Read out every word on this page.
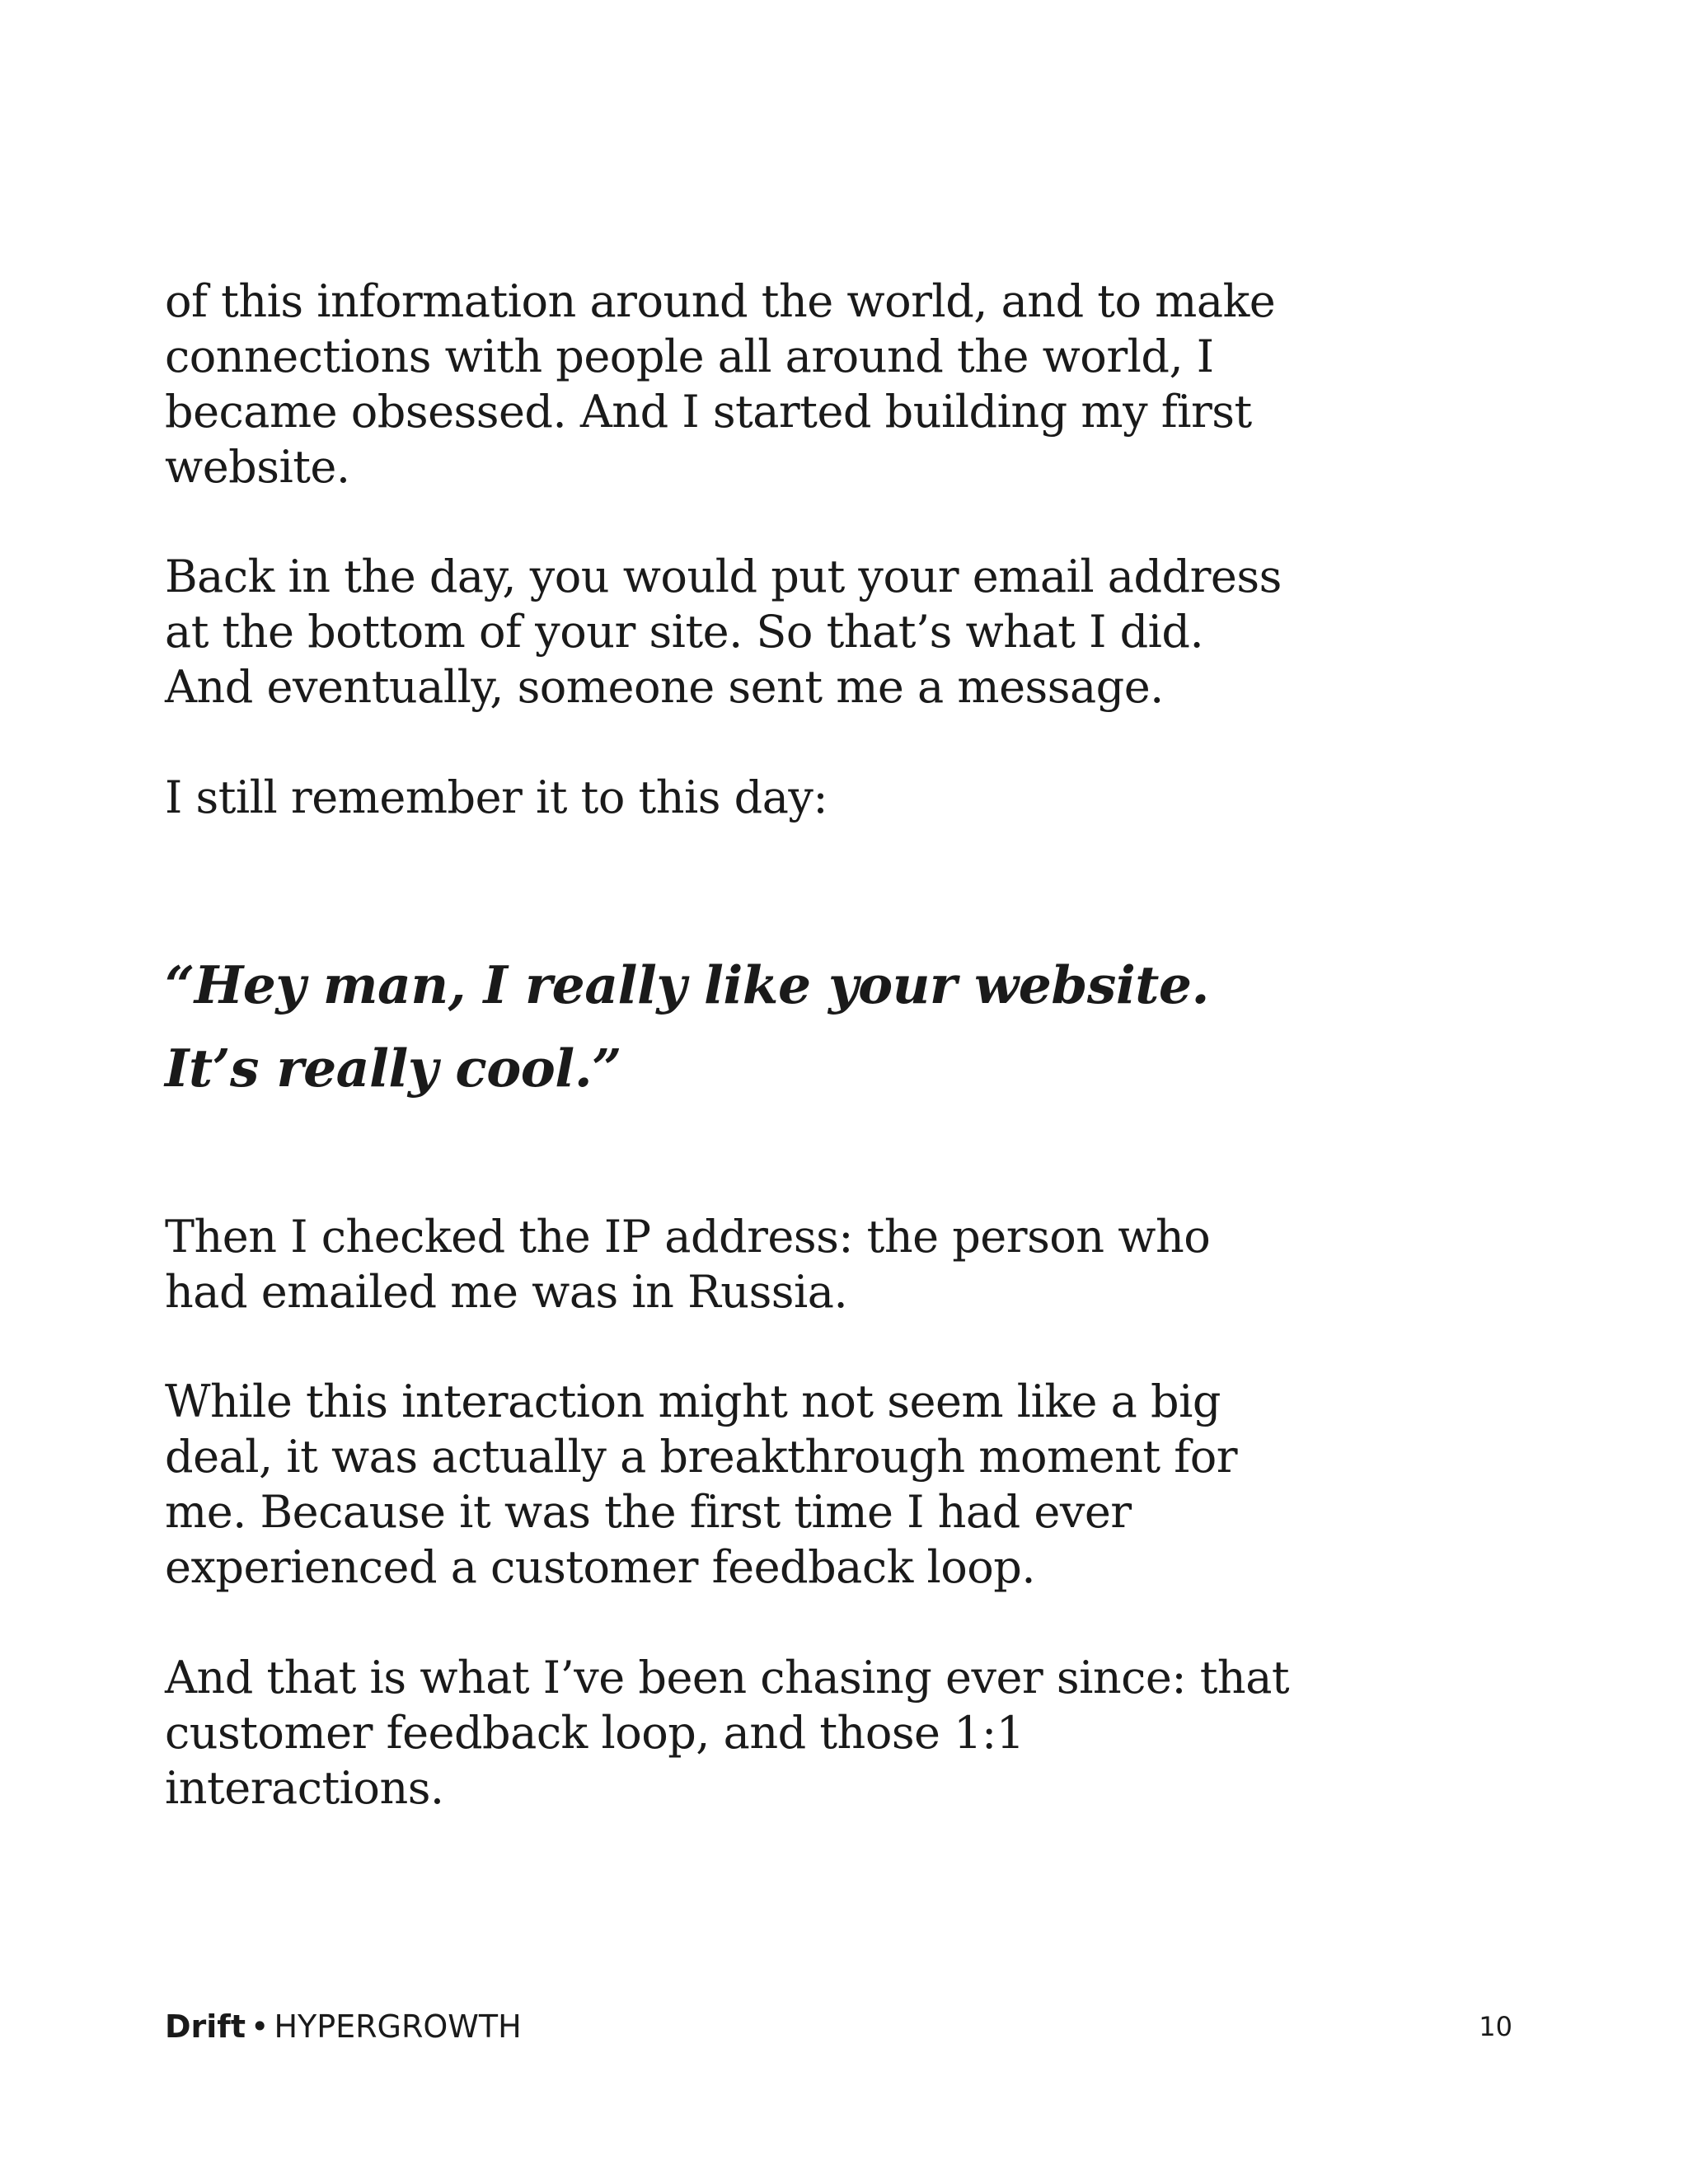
of this information around the world, and to make connections with people all around the world, I became obsessed. And I started building my first website.

Back in the day, you would put your email address at the bottom of your site. So that’s what I did. And eventually, someone sent me a message.

I still remember it to this day:

“Hey man, I really like your website. It’s really cool.”

Then I checked the IP address: the person who had emailed me was in Russia.

While this interaction might not seem like a big deal, it was actually a breakthrough moment for me. Because it was the first time I had ever experienced a customer feedback loop.

And that is what I’ve been chasing ever since: that customer feedback loop, and those 1:1 interactions.

Drift • HYPERGROWTH	10
